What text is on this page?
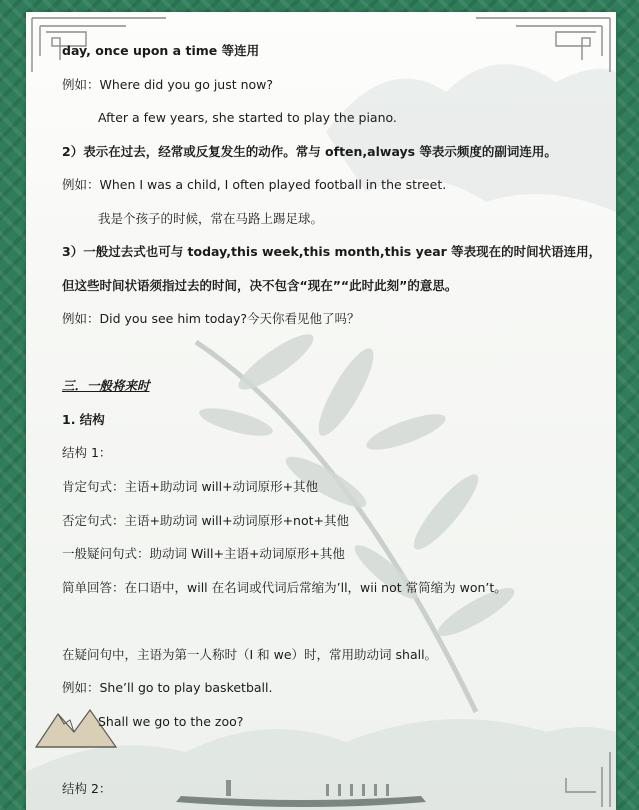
day, once upon a time 等连用
例如：Where did you go just now?
After a few years, she started to play the piano.
2）表示在过去，经常或反复发生的动作。常与 often,always 等表示频度的副词连用。
例如：When I was a child, I often played football in the street.
我是个孩子的时候，常在马路上踢足球。
3）一般过去式也可与 today,this week,this month,this year 等表现在的时间状语连用，
但这些时间状语须指过去的时间，决不包含“现在”“此时此刻”的意思。
例如：Did you see him today?今天你看见他了吗？
三．一般将来时
1. 结构
结构 1：
肯定句式：主语+助动词 will+动词原形+其他
否定句式：主语+助动词 will+动词原形+not+其他
一般疑问句式：助动词 Will+主语+动词原形+其他
简单回答：在口语中，will 在名词或代词后常缩为’ll，wii not 常简缩为 won’t。
在疑问句中，主语为第一人称时（I 和 we）时，常用助动词 shall。
例如：She’ll go to play basketball.
Shall we go to the zoo?
结构 2：
